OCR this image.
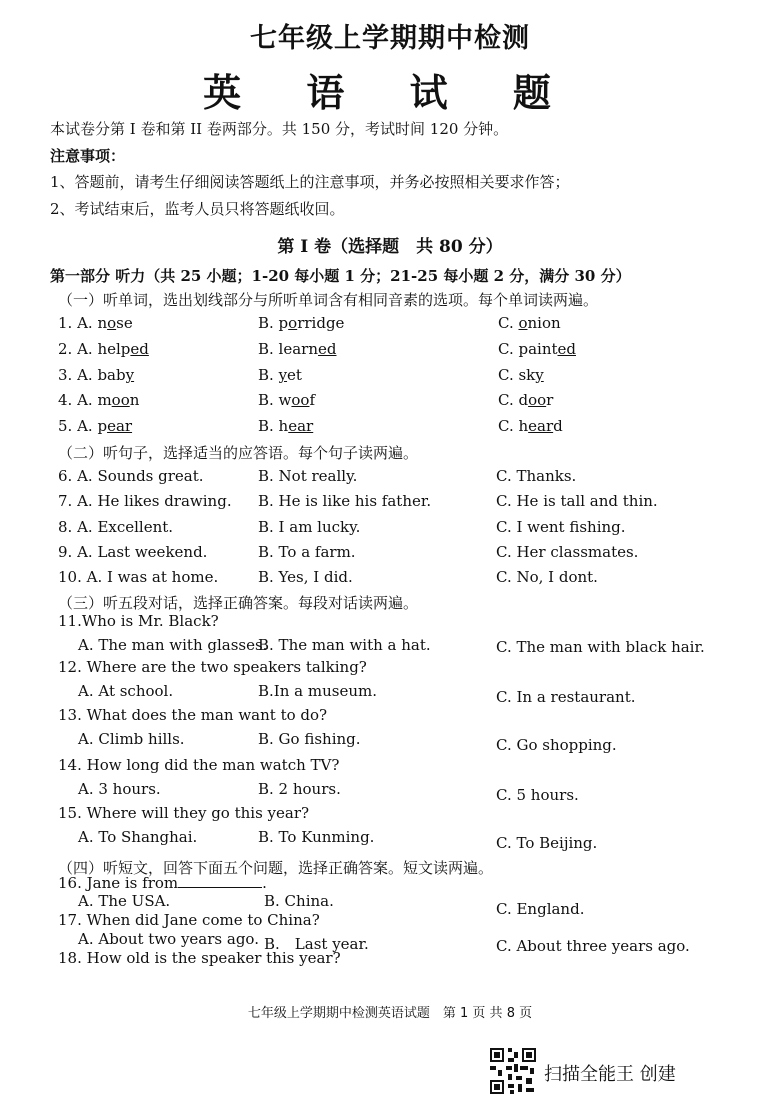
七年级上学期期中检测
英 语 试 题
本试卷分第 I 卷和第 II 卷两部分。共 150 分，考试时间 120 分钟。
注意事项：
1、答题前，请考生仔细阅读答题纸上的注意事项，并务必按照相关要求作答；
2、考试结束后，监考人员只将答题纸收回。
第 I 卷（选择题　共 80 分）
第一部分 听力（共 25 小题；1-20 每小题 1 分；21-25 每小题 2 分，满分 30 分）
（一）听单词，选出划线部分与所听单词含有相同音素的选项。每个单词读两遍。
1. A. nose	B. porridge	C. onion
2. A. helped	B. learned	C. painted
3. A. baby	B. yet	C. sky
4. A. moon	B. woof	C. door
5. A. pear	B. hear	C. heard
（二）听句子，选择适当的应答语。每个句子读两遍。
6. A. Sounds great.	B. Not really.	C. Thanks.
7. A. He likes drawing. B. He is like his father.	C. He is tall and thin.
8. A. Excellent.	B. I am lucky.	C. I went fishing.
9. A. Last weekend.	B. To a farm.	C. Her classmates.
10. A. I was at home.	B. Yes, I did.	C. No, I dont.
（三）听五段对话，选择正确答案。每段对话读两遍。
11.Who is Mr. Black?
A. The man with glasses.
B. The man with a hat.	C. The man with black hair.
12. Where are the two speakers talking?
A. At school.	B.In a museum.	C. In a restaurant.
13. What does the man want to do?
A. Climb hills.	B. Go fishing.	C. Go shopping.
14. How long did the man watch TV?
A. 3 hours.	B. 2 hours.	C. 5 hours.
15. Where will they go this year?
A. To Shanghai.	B. To Kunming.	C. To Beijing.
（四）听短文，回答下面五个问题，选择正确答案。短文读两遍。
16. Jane is from	.
A. The USA.	B. China.	C. England.
17. When did Jane come to China?
A. About two years ago. B.　Last year.	C. About three years ago.
18. How old is the speaker this year?
七年级上学期期中检测英语试题　第 1 页 共 8 页
扫描全能王 创建
